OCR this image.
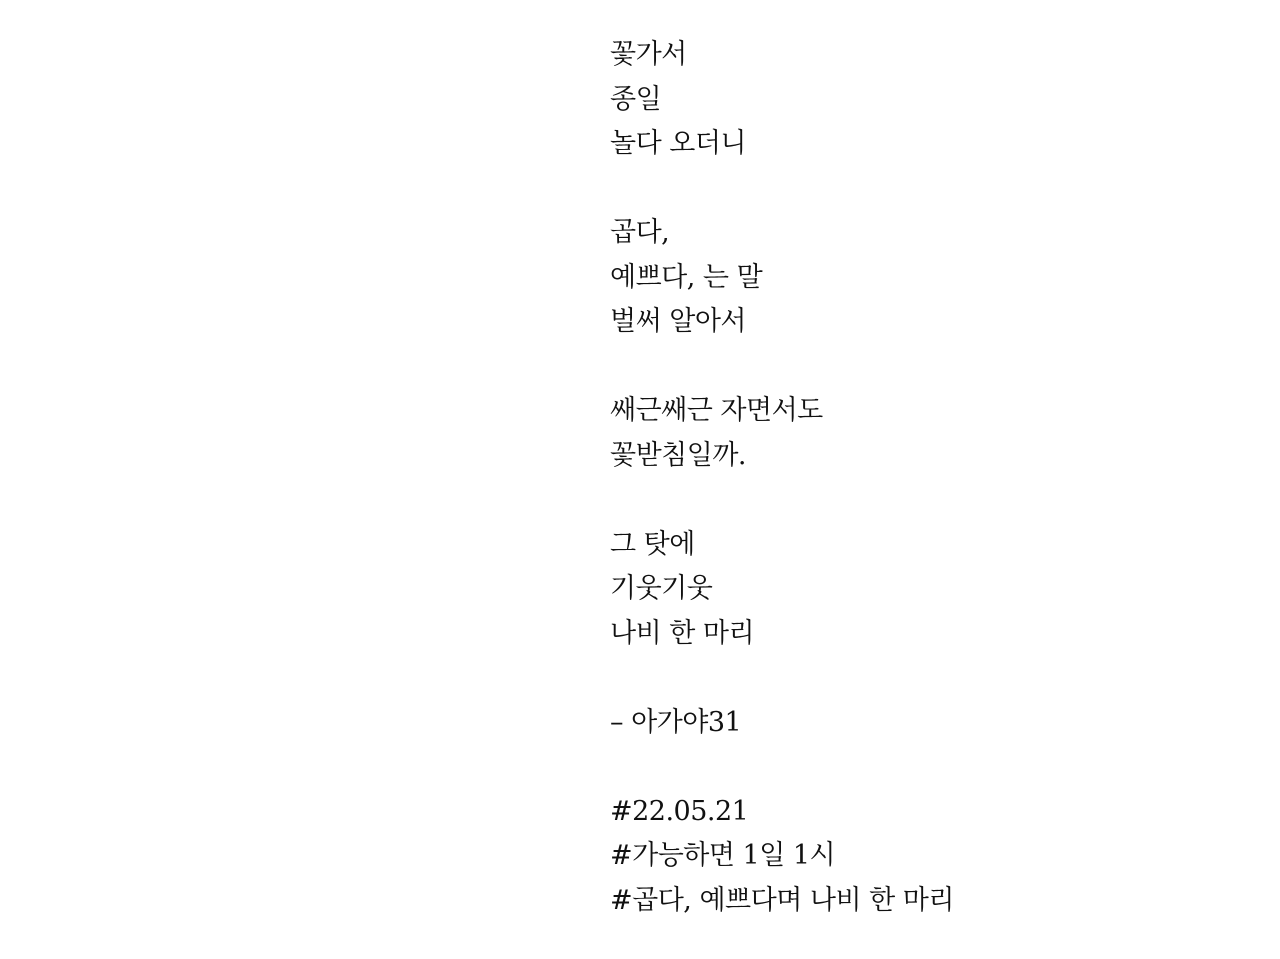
꽃가서
종일
놀다 오더니
곱다,
예쁘다, 는 말
벌써 알아서
쌔근쌔근 자면서도
꽃받침일까.
그 탓에
기웃기웃
나비 한 마리
– 아가야31
#22.05.21
#가능하면 1일 1시
#곱다, 예쁘다며 나비 한 마리
